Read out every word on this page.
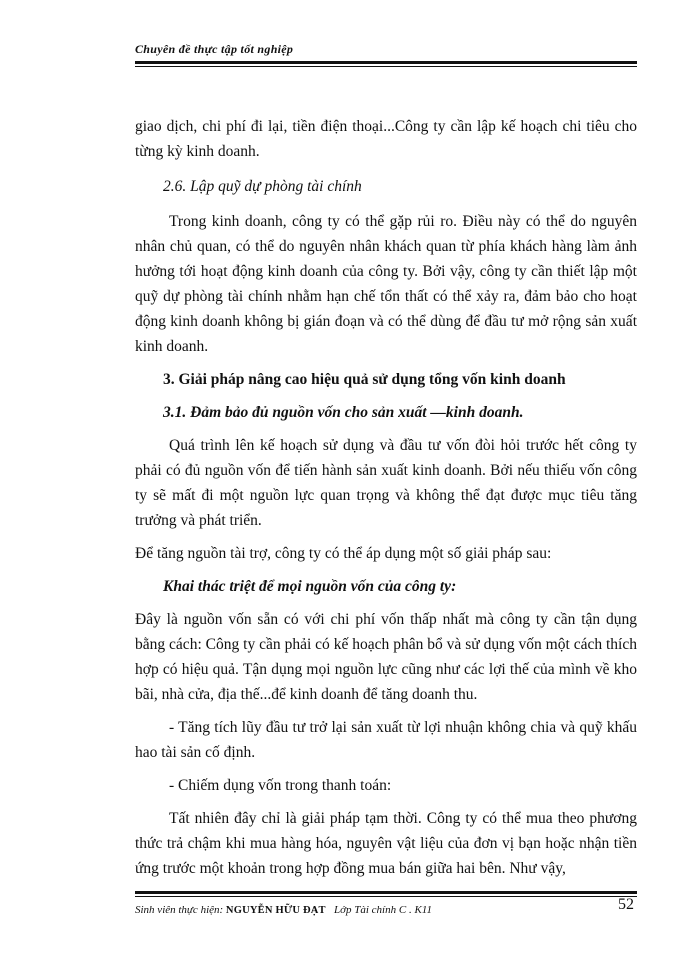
Chuyên đề thực tập tốt nghiệp

giao dịch, chi phí đi lại, tiền điện thoại...Công ty cần lập kế hoạch chi tiêu cho từng kỳ kinh doanh.

2.6. Lập quỹ dự phòng tài chính

Trong kinh doanh, công ty có thể gặp rủi ro. Điều này có thể do nguyên nhân chủ quan, có thể do nguyên nhân khách quan từ phía khách hàng làm ảnh hưởng tới hoạt động kinh doanh của công ty. Bởi vậy, công ty cần thiết lập một quỹ dự phòng tài chính nhằm hạn chế tổn thất có thể xảy ra, đảm bảo cho hoạt động kinh doanh không bị gián đoạn và có thể dùng để đầu tư mở rộng sản xuất kinh doanh.

3. Giải pháp nâng cao hiệu quả sử dụng tổng vốn kinh doanh

3.1. Đảm bảo đủ nguồn vốn cho sản xuất —kinh doanh.

Quá trình lên kế hoạch sử dụng và đầu tư vốn đòi hỏi trước hết công ty phải có đủ nguồn vốn để tiến hành sản xuất kinh doanh. Bởi nếu thiếu vốn công ty sẽ mất đi một nguồn lực quan trọng và không thể đạt được mục tiêu tăng trưởng và phát triển.

Để tăng nguồn tài trợ, công ty có thể áp dụng một số giải pháp sau:

Khai thác triệt để mọi nguồn vốn của công ty:

Đây là nguồn vốn sẵn có với chi phí vốn thấp nhất mà công ty cần tận dụng bằng cách: Công ty cần phải có kế hoạch phân bổ và sử dụng vốn một cách thích hợp có hiệu quả. Tận dụng mọi nguồn lực cũng như các lợi thế của mình về kho bãi, nhà cửa, địa thế...để kinh doanh để tăng doanh thu.

- Tăng tích lũy đầu tư trở lại sản xuất từ lợi nhuận không chia và quỹ khấu hao tài sản cố định.

- Chiếm dụng vốn trong thanh toán:

Tất nhiên đây chỉ là giải pháp tạm thời. Công ty có thể mua theo phương thức trả chậm khi mua hàng hóa, nguyên vật liệu của đơn vị bạn hoặc nhận tiền ứng trước một khoản trong hợp đồng mua bán giữa hai bên. Như vậy,

Sinh viên thực hiện: NGUYỄN HỮU ĐẠT Lớp Tài chính C . K11	52
